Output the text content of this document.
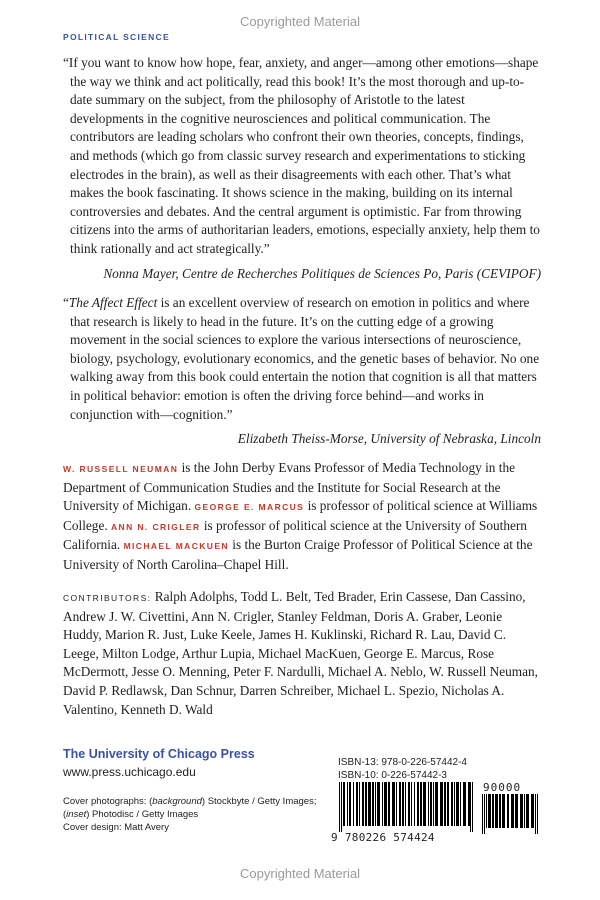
Copyrighted Material
POLITICAL SCIENCE

“If you want to know how hope, fear, anxiety, and anger—among other emotions—shape the way we think and act politically, read this book! It’s the most thorough and up-to-date summary on the subject, from the philosophy of Aristotle to the latest developments in the cognitive neurosciences and political communication. The contributors are leading scholars who confront their own theories, concepts, findings, and methods (which go from classic survey research and experimentations to sticking electrodes in the brain), as well as their disagreements with each other. That’s what makes the book fascinating. It shows science in the making, building on its internal controversies and debates. And the central argument is optimistic. Far from throwing citizens into the arms of authoritarian leaders, emotions, especially anxiety, help them to think rationally and act strategically.”

Nonna Mayer, Centre de Recherches Politiques de Sciences Po, Paris (CEVIPOF)

“The Affect Effect is an excellent overview of research on emotion in politics and where that research is likely to head in the future. It’s on the cutting edge of a growing movement in the social sciences to explore the various intersections of neuroscience, biology, psychology, evolutionary economics, and the genetic bases of behavior. No one walking away from this book could entertain the notion that cognition is all that matters in political behavior: emotion is often the driving force behind—and works in conjunction with—cognition.”

Elizabeth Theiss-Morse, University of Nebraska, Lincoln
W. RUSSELL NEUMAN is the John Derby Evans Professor of Media Technology in the Department of Communication Studies and the Institute for Social Research at the University of Michigan. GEORGE E. MARCUS is professor of political science at Williams College. ANN N. CRIGLER is professor of political science at the University of Southern California. MICHAEL MACKUEN is the Burton Craige Professor of Political Science at the University of North Carolina–Chapel Hill.
CONTRIBUTORS: Ralph Adolphs, Todd L. Belt, Ted Brader, Erin Cassese, Dan Cassino, Andrew J. W. Civettini, Ann N. Crigler, Stanley Feldman, Doris A. Graber, Leonie Huddy, Marion R. Just, Luke Keele, James H. Kuklinski, Richard R. Lau, David C. Leege, Milton Lodge, Arthur Lupia, Michael MacKuen, George E. Marcus, Rose McDermott, Jesse O. Menning, Peter F. Nardulli, Michael A. Neblo, W. Russell Neuman, David P. Redlawsk, Dan Schnur, Darren Schreiber, Michael L. Spezio, Nicholas A. Valentino, Kenneth D. Wald
The University of Chicago Press
www.press.uchicago.edu
Cover photographs: (background) Stockbyte / Getty Images; (inset) Photodisc / Getty Images
Cover design: Matt Avery
ISBN-13: 978-0-226-57442-4
ISBN-10: 0-226-57442-3
9 780226 574424
90000
Copyrighted Material
